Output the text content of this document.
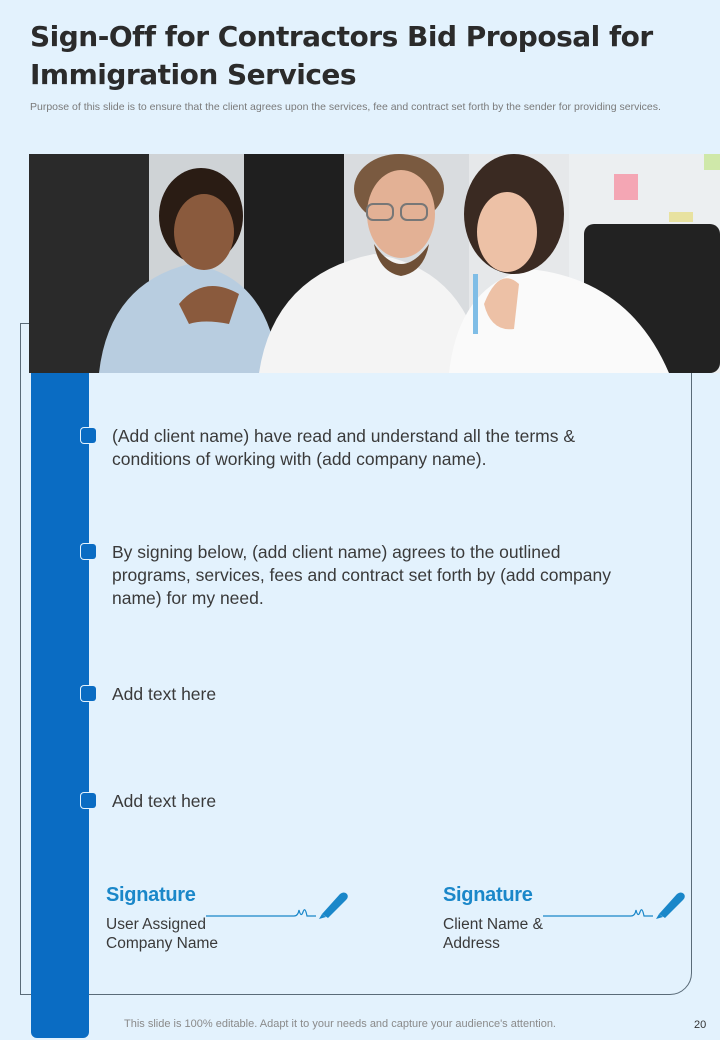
Sign-Off for Contractors Bid Proposal for Immigration Services

Purpose of this slide is to ensure that the client agrees upon the services, fee and contract set forth by the sender for providing services.

(Add client name) have read and understand all the terms & conditions of working with (add company name).
By signing below, (add client name) agrees to the outlined programs, services, fees and contract set forth by (add company name) for my need.
Add text here
Add text here
Signature
User Assigned
Company Name
Signature
Client Name &
Address
This slide is 100% editable. Adapt it to your needs and capture your audience's attention.	20
